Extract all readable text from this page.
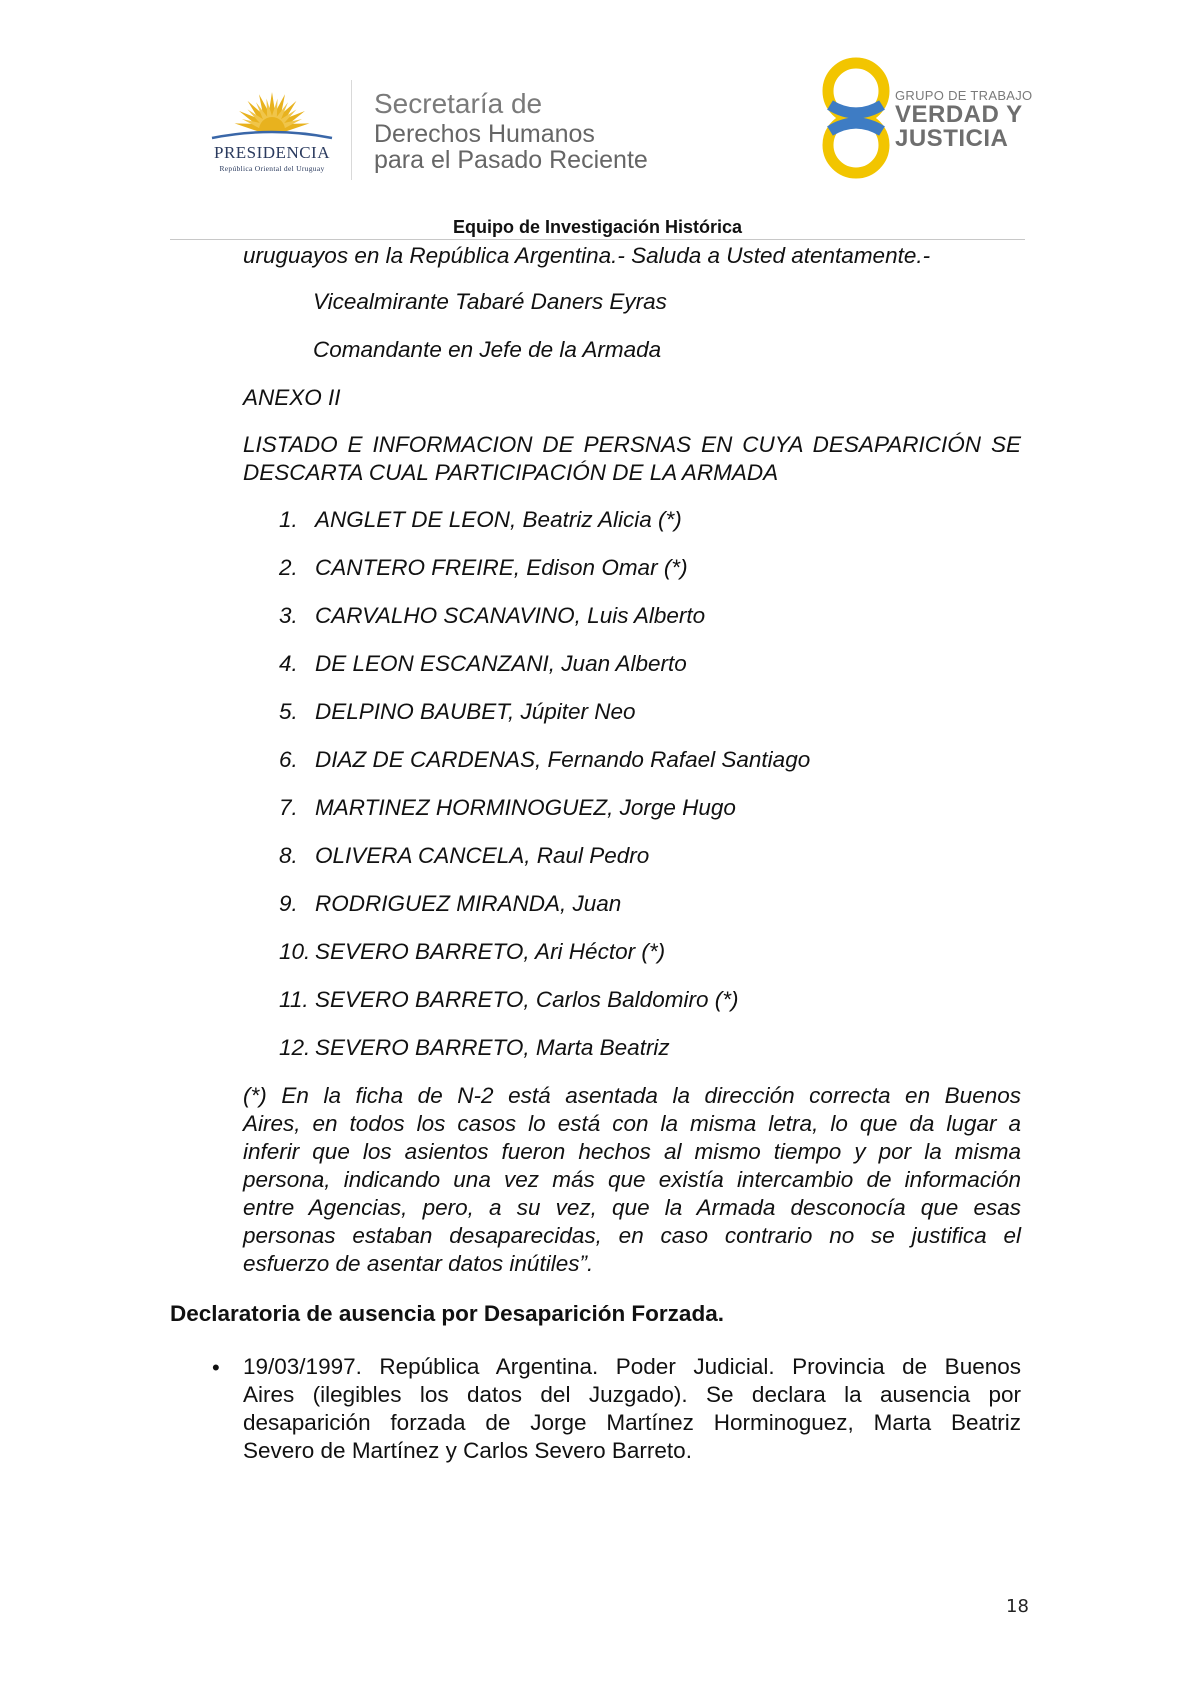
PRESIDENCIA
República Oriental del Uruguay
Secretaría de
Derechos Humanos
para el Pasado Reciente
GRUPO DE TRABAJO
VERDAD Y
JUSTICIA
Equipo de Investigación Histórica
uruguayos en la República Argentina.- Saluda a Usted atentamente.-
Vicealmirante Tabaré Daners Eyras
Comandante en Jefe de la Armada
ANEXO II
LISTADO E INFORMACION DE PERSNAS EN CUYA DESAPARICIÓN SE DESCARTA CUAL PARTICIPACIÓN DE LA ARMADA
1. ANGLET DE LEON, Beatriz Alicia (*)
2. CANTERO FREIRE, Edison Omar (*)
3. CARVALHO SCANAVINO, Luis Alberto
4. DE LEON ESCANZANI, Juan Alberto
5. DELPINO BAUBET, Júpiter Neo
6. DIAZ DE CARDENAS, Fernando Rafael Santiago
7. MARTINEZ HORMINOGUEZ, Jorge Hugo
8. OLIVERA CANCELA, Raul Pedro
9. RODRIGUEZ MIRANDA, Juan
10. SEVERO BARRETO, Ari Héctor (*)
11. SEVERO BARRETO, Carlos Baldomiro (*)
12. SEVERO BARRETO, Marta Beatriz
(*) En la ficha de N-2 está asentada la dirección correcta en Buenos
Aires, en todos los casos lo está con la misma letra, lo que da lugar a
inferir que los asientos fueron hechos al mismo tiempo y por la misma
persona, indicando una vez más que existía intercambio de información
entre Agencias, pero, a su vez, que la Armada desconocía que esas
personas estaban desaparecidas, en caso contrario no se justifica el
esfuerzo de asentar datos inútiles”.
Declaratoria de ausencia por Desaparición Forzada.
• 19/03/1997. República Argentina. Poder Judicial. Provincia de Buenos
Aires (ilegibles los datos del Juzgado). Se declara la ausencia por
desaparición forzada de Jorge Martínez Horminoguez, Marta Beatriz
Severo de Martínez y Carlos Severo Barreto.
18
